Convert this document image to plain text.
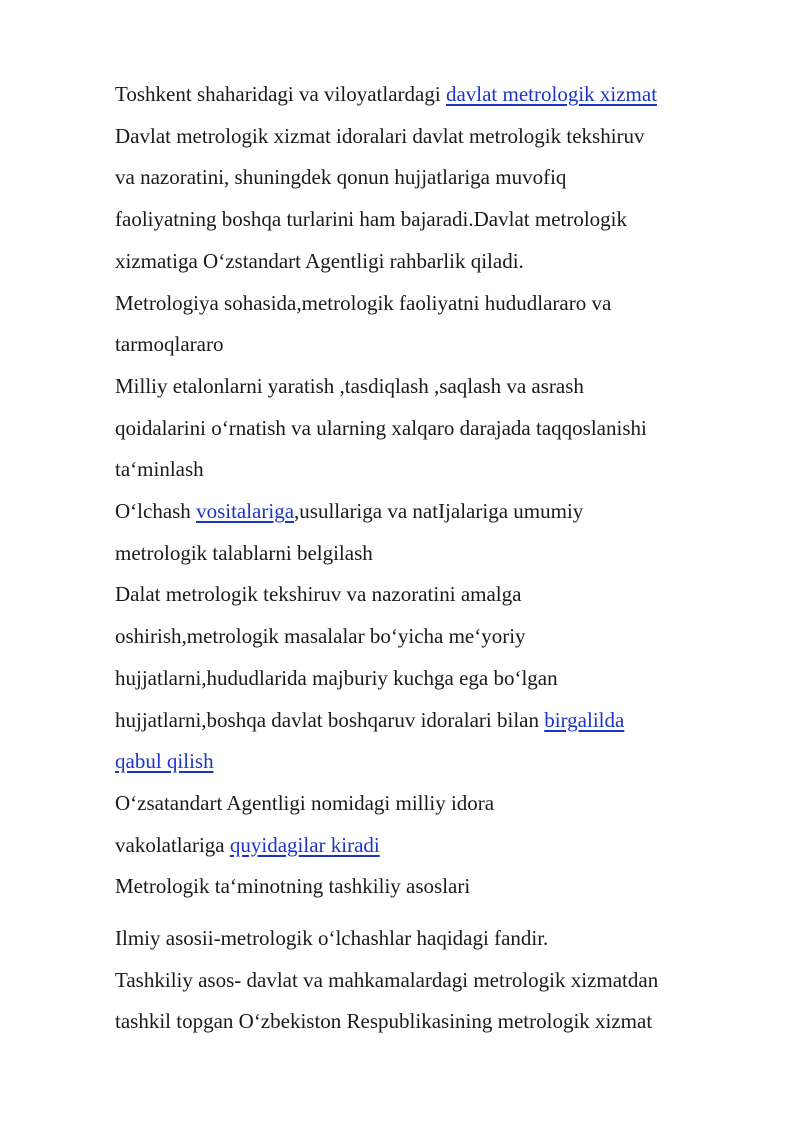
Toshkent shaharidagi va viloyatlardagi davlat metrologik xizmat

Davlat metrologik xizmat idoralari davlat metrologik tekshiruv

va nazoratini, shuningdek qonun hujjatlariga muvofiq

faoliyatning boshqa turlarini ham bajaradi.Davlat metrologik

xizmatiga O‘zstandart Agentligi rahbarlik qiladi.

Metrologiya sohasida,metrologik faoliyatni hududlararo va

tarmoqlararo

Milliy etalonlarni yaratish ,tasdiqlash ,saqlash va asrash

qoidalarini o‘rnatish va ularning xalqaro darajada taqqoslanishi

ta‘minlash

O‘lchash vositalariga,usullariga va natIjalariga umumiy

metrologik talablarni belgilash

Dalat metrologik tekshiruv va nazoratini amalga

oshirish,metrologik masalalar bo‘yicha me‘yoriy

hujjatlarni,hududlarida majburiy kuchga ega bo‘lgan

hujjatlarni,boshqa davlat boshqaruv idoralari bilan birgalilda

qabul qilish

O‘zsatandart Agentligi nomidagi milliy idora

vakolatlariga quyidagilar kiradi

Metrologik ta‘minotning tashkiliy asoslari

Ilmiy asosii-metrologik o‘lchashlar haqidagi fandir.

Tashkiliy asos- davlat va mahkamalardagi metrologik xizmatdan

tashkil topgan O‘zbekiston Respublikasining metrologik xizmat
